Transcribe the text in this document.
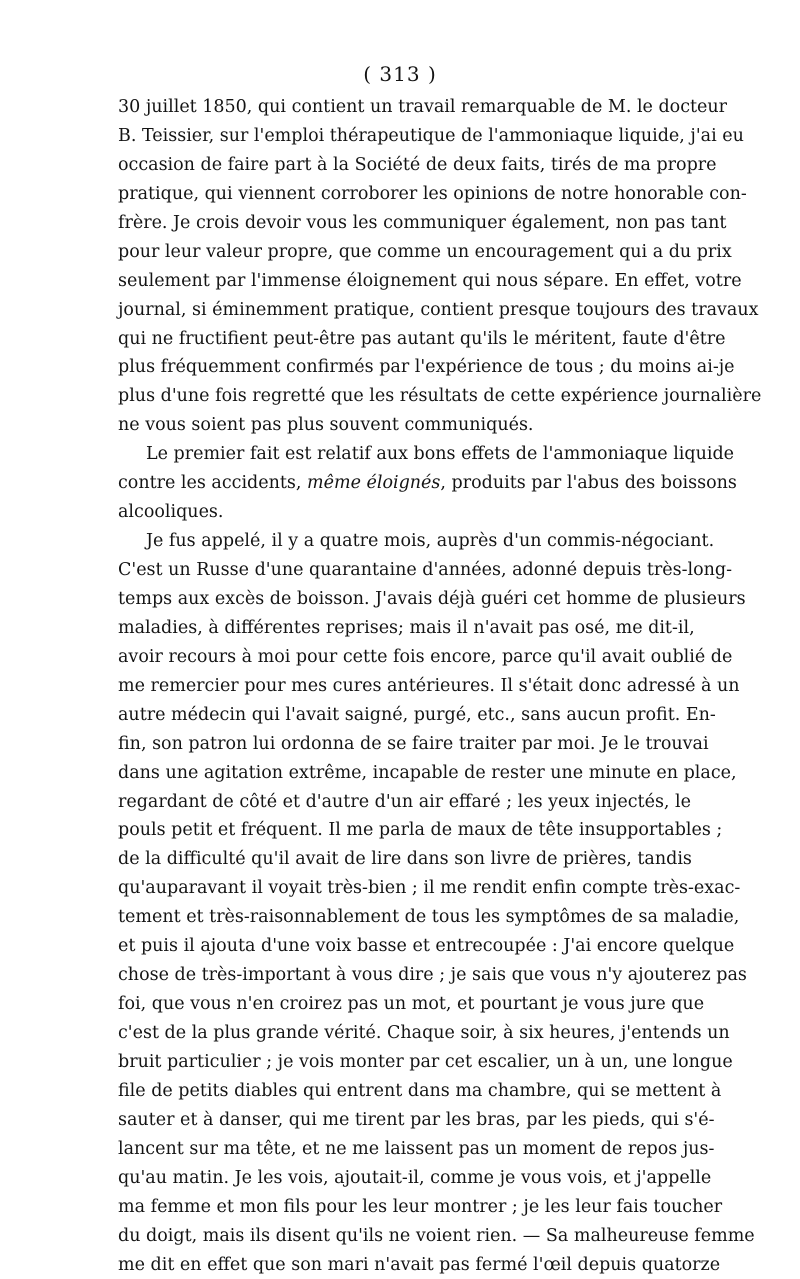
( 313 )
30 juillet 1850, qui contient un travail remarquable de M. le docteur
B. Teissier, sur l'emploi thérapeutique de l'ammoniaque liquide, j'ai eu
occasion de faire part à la Société de deux faits, tirés de ma propre
pratique, qui viennent corroborer les opinions de notre honorable con-
frère. Je crois devoir vous les communiquer également, non pas tant
pour leur valeur propre, que comme un encouragement qui a du prix
seulement par l'immense éloignement qui nous sépare. En effet, votre
journal, si éminemment pratique, contient presque toujours des travaux
qui ne fructifient peut-être pas autant qu'ils le méritent, faute d'être
plus fréquemment confirmés par l'expérience de tous ; du moins ai-je
plus d'une fois regretté que les résultats de cette expérience journalière
ne vous soient pas plus souvent communiqués.
Le premier fait est relatif aux bons effets de l'ammoniaque liquide
contre les accidents, même éloignés, produits par l'abus des boissons
alcooliques.
Je fus appelé, il y a quatre mois, auprès d'un commis-négociant.
C'est un Russe d'une quarantaine d'années, adonné depuis très-long-
temps aux excès de boisson. J'avais déjà guéri cet homme de plusieurs
maladies, à différentes reprises; mais il n'avait pas osé, me dit-il,
avoir recours à moi pour cette fois encore, parce qu'il avait oublié de
me remercier pour mes cures antérieures. Il s'était donc adressé à un
autre médecin qui l'avait saigné, purgé, etc., sans aucun profit. En-
fin, son patron lui ordonna de se faire traiter par moi. Je le trouvai
dans une agitation extrême, incapable de rester une minute en place,
regardant de côté et d'autre d'un air effaré ; les yeux injectés, le
pouls petit et fréquent. Il me parla de maux de tête insupportables ;
de la difficulté qu'il avait de lire dans son livre de prières, tandis
qu'auparavant il voyait très-bien ; il me rendit enfin compte très-exac-
tement et très-raisonnablement de tous les symptômes de sa maladie,
et puis il ajouta d'une voix basse et entrecoupée : J'ai encore quelque
chose de très-important à vous dire ; je sais que vous n'y ajouterez pas
foi, que vous n'en croirez pas un mot, et pourtant je vous jure que
c'est de la plus grande vérité. Chaque soir, à six heures, j'entends un
bruit particulier ; je vois monter par cet escalier, un à un, une longue
file de petits diables qui entrent dans ma chambre, qui se mettent à
sauter et à danser, qui me tirent par les bras, par les pieds, qui s'é-
lancent sur ma tête, et ne me laissent pas un moment de repos jus-
qu'au matin. Je les vois, ajoutait-il, comme je vous vois, et j'appelle
ma femme et mon fils pour les leur montrer ; je les leur fais toucher
du doigt, mais ils disent qu'ils ne voient rien. — Sa malheureuse femme
me dit en effet que son mari n'avait pas fermé l'œil depuis quatorze
